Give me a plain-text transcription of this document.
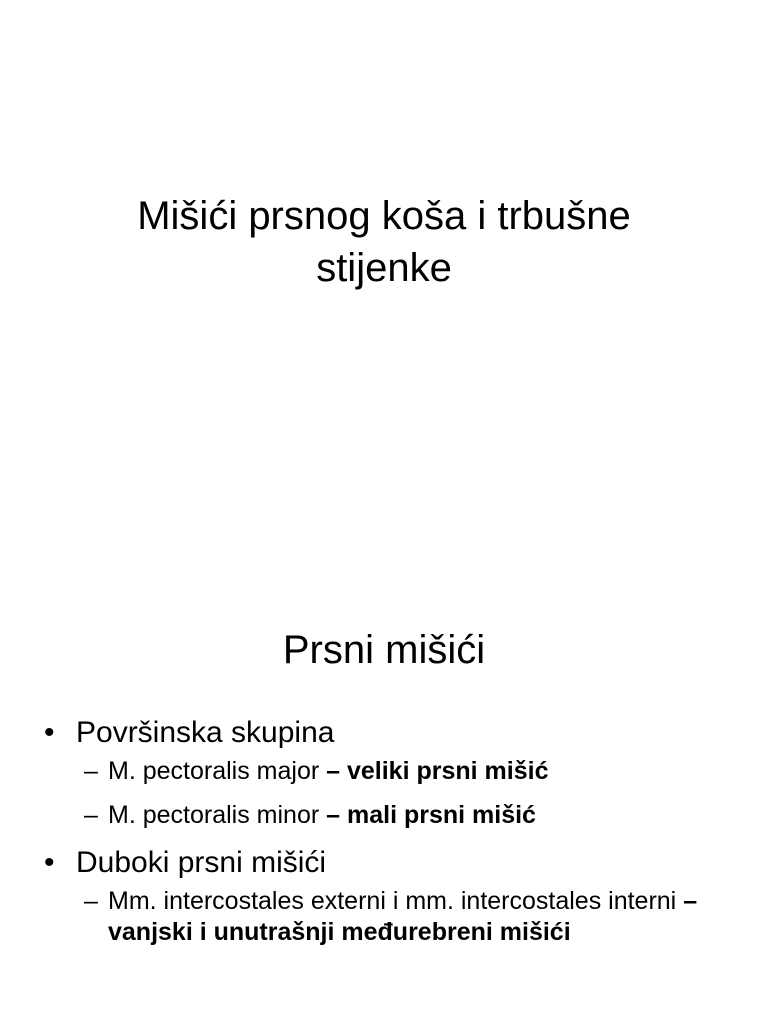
Mišići prsnog koša i trbušne
stijenke
Prsni mišići
• Površinska skupina
– M. pectoralis major – veliki prsni mišić
– M. pectoralis minor – mali prsni mišić
• Duboki prsni mišići
– Mm. intercostales externi i mm. intercostales interni – vanjski i unutrašnji međurebreni mišići
